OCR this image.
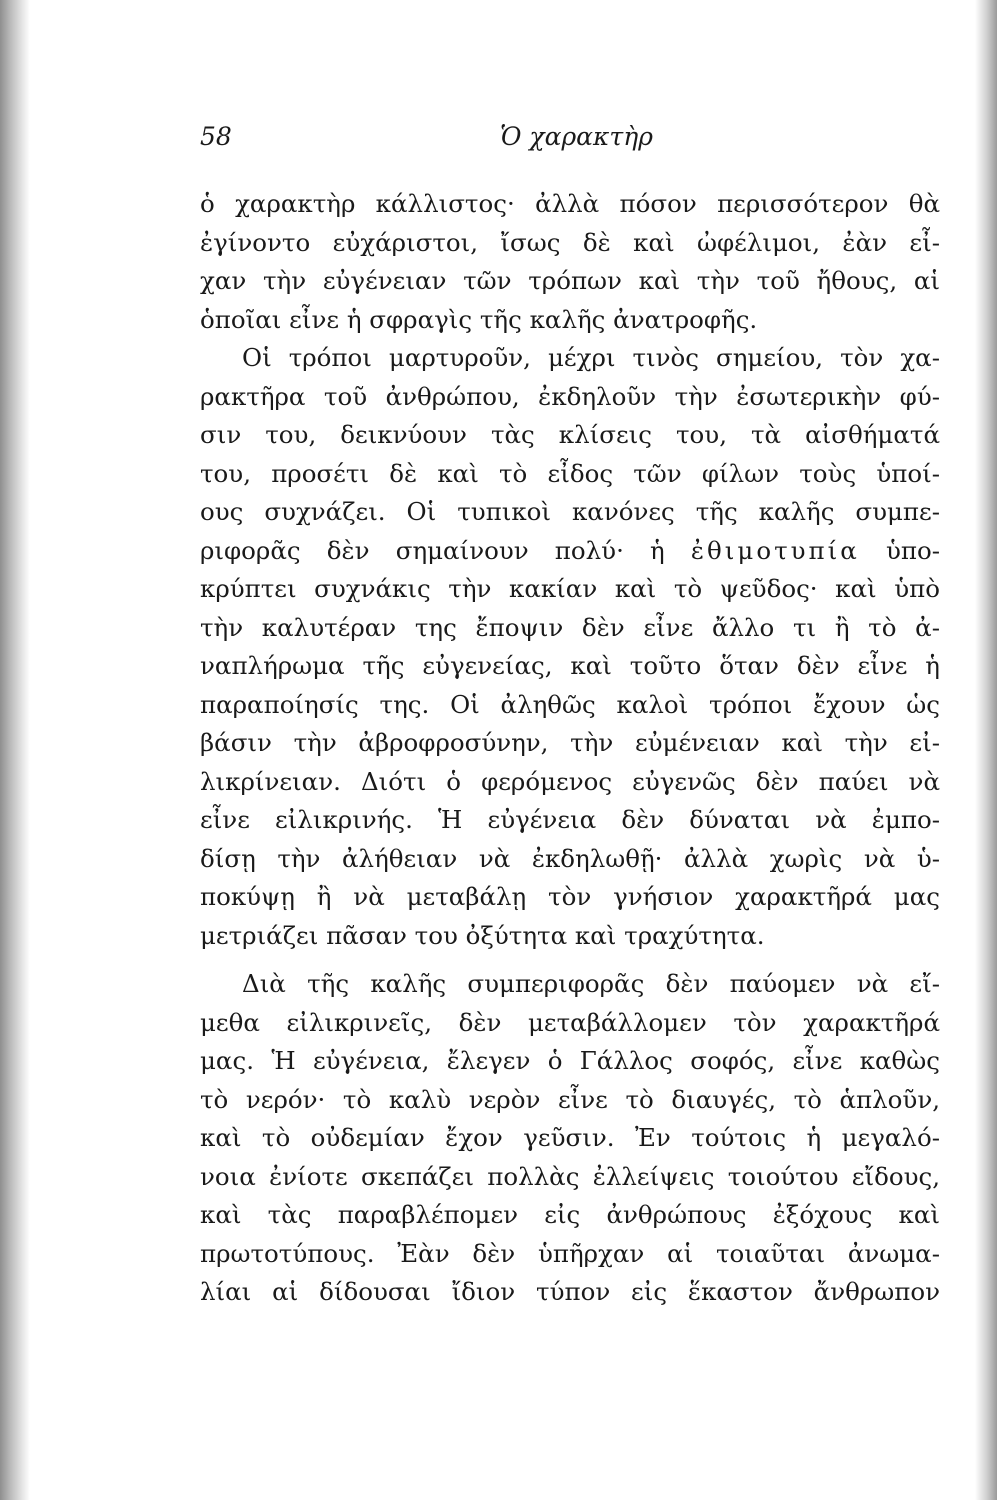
58	Ὁ χαρακτὴρ
ὁ χαρακτὴρ κάλλιστος· ἀλλὰ πόσον περισσότερον θὰ
ἐγίνοντο εὐχάριστοι, ἴσως δὲ καὶ ὠφέλιμοι, ἐὰν εἶ-
χαν τὴν εὐγένειαν τῶν τρόπων καὶ τὴν τοῦ ἤθους, αἱ
ὁποῖαι εἶνε ἡ σφραγὶς τῆς καλῆς ἀνατροφῆς.
Οἱ τρόποι μαρτυροῦν, μέχρι τινὸς σημείου, τὸν χα-
ρακτῆρα τοῦ ἀνθρώπου, ἐκδηλοῦν τὴν ἐσωτερικὴν φύ-
σιν του, δεικνύουν τὰς κλίσεις του, τὰ αἰσθήματά
του, προσέτι δὲ καὶ τὸ εἶδος τῶν φίλων τοὺς ὑποί-
ους συχνάζει. Οἱ τυπικοὶ κανόνες τῆς καλῆς συμπε-
ριφορᾶς δὲν σημαίνουν πολύ· ἡ ἐθιμοτυπία ὑπο-
κρύπτει συχνάκις τὴν κακίαν καὶ τὸ ψεῦδος· καὶ ὑπὸ
τὴν καλυτέραν της ἔποψιν δὲν εἶνε ἄλλο τι ἢ τὸ ἀ-
ναπλήρωμα τῆς εὐγενείας, καὶ τοῦτο ὅταν δὲν εἶνε ἡ
παραποίησίς της. Οἱ ἀληθῶς καλοὶ τρόποι ἔχουν ὡς
βάσιν τὴν ἀβροφροσύνην, τὴν εὐμένειαν καὶ τὴν εἰ-
λικρίνειαν. Διότι ὁ φερόμενος εὐγενῶς δὲν παύει νὰ
εἶνε εἰλικρινής. Ἡ εὐγένεια δὲν δύναται νὰ ἐμπο-
δίσῃ τὴν ἀλήθειαν νὰ ἐκδηλωθῇ· ἀλλὰ χωρὶς νὰ ὑ-
ποκύψῃ ἢ νὰ μεταβάλῃ τὸν γνήσιον χαρακτῆρά μας
μετριάζει πᾶσαν του ὀξύτητα καὶ τραχύτητα.
Διὰ τῆς καλῆς συμπεριφορᾶς δὲν παύομεν νὰ εἴ-
μεθα εἰλικρινεῖς, δὲν μεταβάλλομεν τὸν χαρακτῆρά
μας. Ἡ εὐγένεια, ἔλεγεν ὁ Γάλλος σοφός, εἶνε καθὼς
τὸ νερόν· τὸ καλὺ νερὸν εἶνε τὸ διαυγές, τὸ ἁπλοῦν,
καὶ τὸ οὐδεμίαν ἔχον γεῦσιν. Ἐν τούτοις ἡ μεγαλό-
νοια ἐνίοτε σκεπάζει πολλὰς ἐλλείψεις τοιούτου εἴδους,
καὶ τὰς παραβλέπομεν εἰς ἀνθρώπους ἐξόχους καὶ
πρωτοτύπους. Ἐὰν δὲν ὑπῆρχαν αἱ τοιαῦται ἀνωμα-
λίαι αἱ δίδουσαι ἴδιον τύπον εἰς ἕκαστον ἄνθρωπον
